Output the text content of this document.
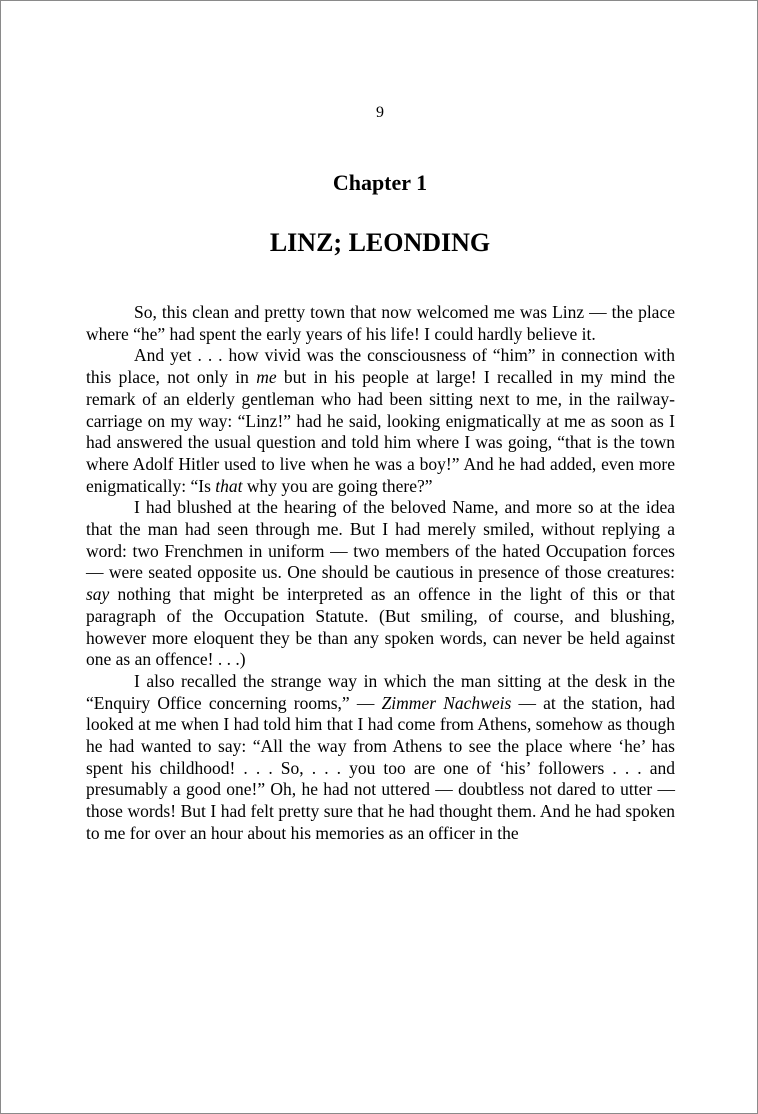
9
Chapter 1
LINZ; LEONDING

So, this clean and pretty town that now welcomed me was Linz — the place where “he” had spent the early years of his life! I could hardly believe it.

And yet . . . how vivid was the consciousness of “him” in connection with this place, not only in me but in his people at large! I recalled in my mind the remark of an elderly gentleman who had been sitting next to me, in the railway-carriage on my way: “Linz!” had he said, looking enigmatically at me as soon as I had answered the usual question and told him where I was going, “that is the town where Adolf Hitler used to live when he was a boy!” And he had added, even more enigmatically: “Is that why you are going there?”

I had blushed at the hearing of the beloved Name, and more so at the idea that the man had seen through me. But I had merely smiled, without replying a word: two Frenchmen in uniform — two members of the hated Occupation forces — were seated opposite us. One should be cautious in presence of those creatures: say nothing that might be interpreted as an offence in the light of this or that paragraph of the Occupation Statute. (But smiling, of course, and blushing, however more eloquent they be than any spoken words, can never be held against one as an offence! . . .)

I also recalled the strange way in which the man sitting at the desk in the “Enquiry Office concerning rooms,” — Zimmer Nachweis — at the station, had looked at me when I had told him that I had come from Athens, somehow as though he had wanted to say: “All the way from Athens to see the place where ‘he’ has spent his childhood! . . . So, . . . you too are one of ‘his’ followers . . . and presumably a good one!” Oh, he had not uttered — doubtless not dared to utter — those words! But I had felt pretty sure that he had thought them. And he had spoken to me for over an hour about his memories as an officer in the
